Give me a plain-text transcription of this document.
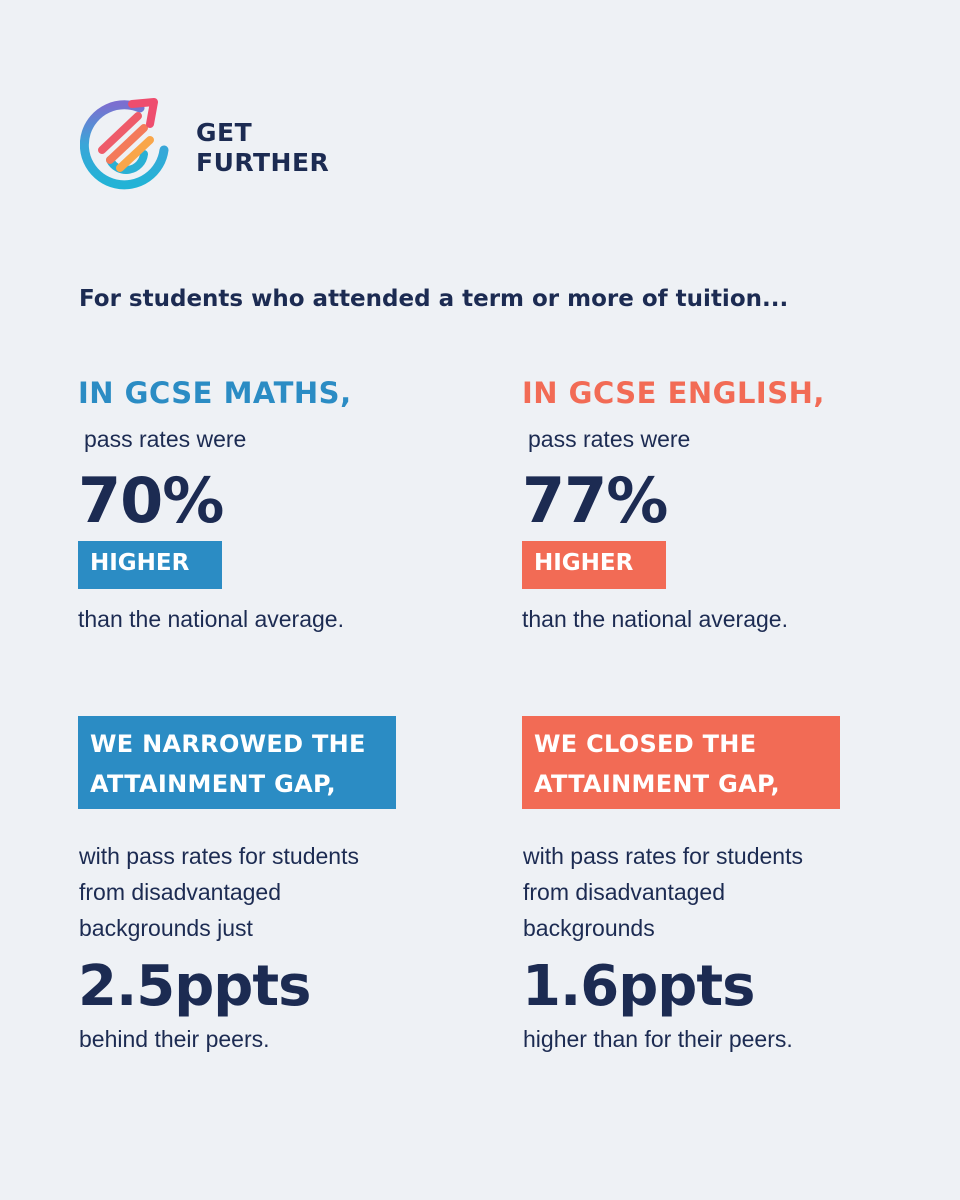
GET
FURTHER
For students who attended a term or more of tuition...
IN GCSE MATHS,
pass rates were
70%
HIGHER
than the national average.
WE NARROWED THE
ATTAINMENT GAP,
with pass rates for students
from disadvantaged
backgrounds just
2.5ppts
behind their peers.
IN GCSE ENGLISH,
pass rates were
77%
HIGHER
than the national average.
WE CLOSED THE
ATTAINMENT GAP,
with pass rates for students
from disadvantaged
backgrounds
1.6ppts
higher than for their peers.
